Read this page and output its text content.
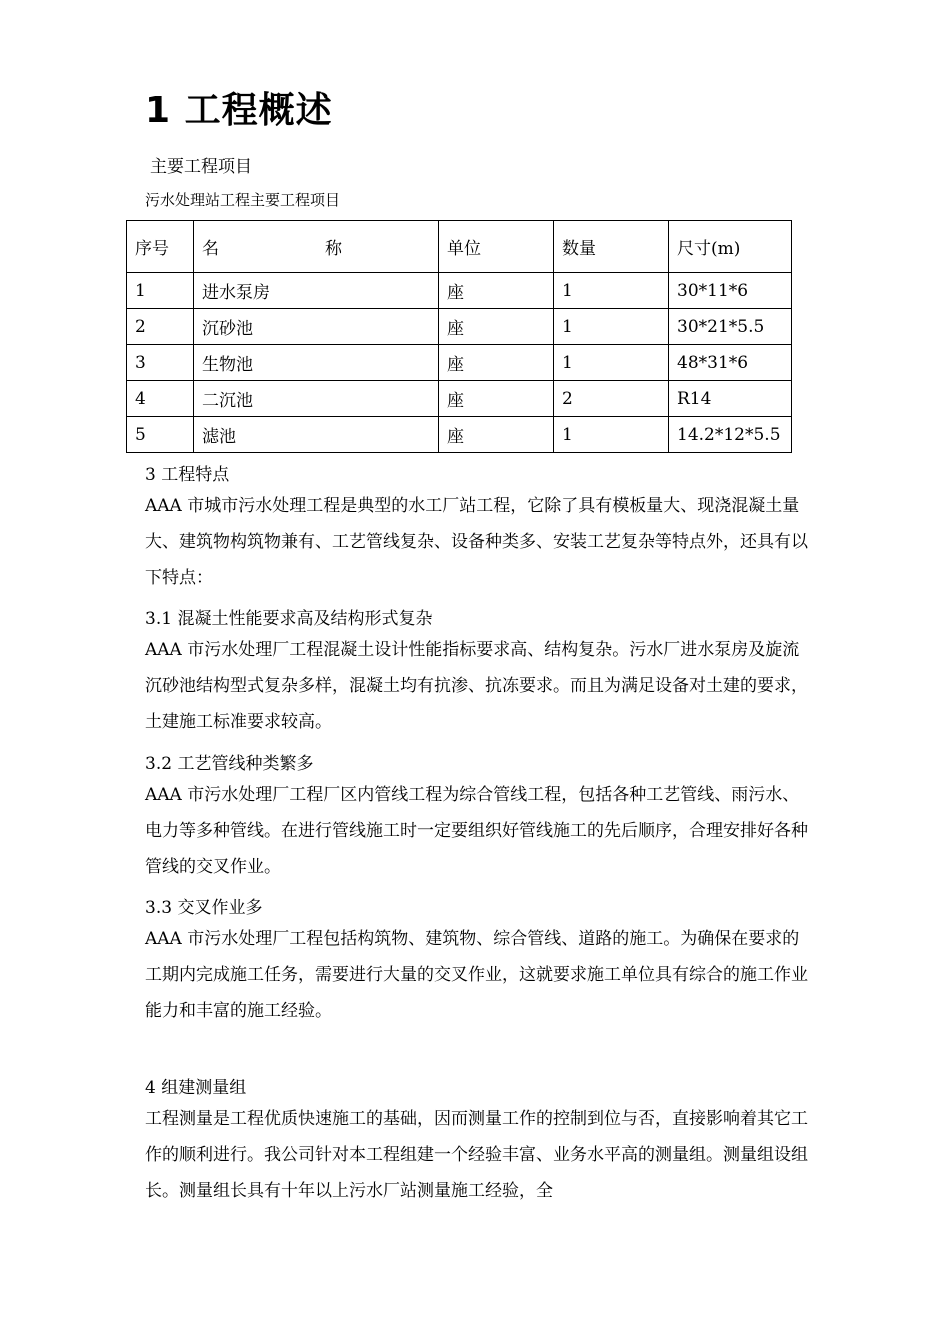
1 工程概述
主要工程项目
污水处理站工程主要工程项目
序号	名 称	单位	数量	尺寸(m)
1	进水泵房	座	1	30*11*6
2	沉砂池	座	1	30*21*5.5
3	生物池	座	1	48*31*6
4	二沉池	座	2	R14
5	滤池	座	1	14.2*12*5.5
3 工程特点
AAA 市城市污水处理工程是典型的水工厂站工程，它除了具有模板量大、现浇混凝土量大、建筑物构筑物兼有、工艺管线复杂、设备种类多、安装工艺复杂等特点外，还具有以下特点：
3.1 混凝土性能要求高及结构形式复杂
AAA 市污水处理厂工程混凝土设计性能指标要求高、结构复杂。污水厂进水泵房及旋流沉砂池结构型式复杂多样，混凝土均有抗渗、抗冻要求。而且为满足设备对土建的要求，土建施工标准要求较高。
3.2 工艺管线种类繁多
AAA 市污水处理厂工程厂区内管线工程为综合管线工程，包括各种工艺管线、雨污水、电力等多种管线。在进行管线施工时一定要组织好管线施工的先后顺序，合理安排好各种管线的交叉作业。
3.3 交叉作业多
AAA 市污水处理厂工程包括构筑物、建筑物、综合管线、道路的施工。为确保在要求的工期内完成施工任务，需要进行大量的交叉作业，这就要求施工单位具有综合的施工作业能力和丰富的施工经验。
4 组建测量组
工程测量是工程优质快速施工的基础，因而测量工作的控制到位与否，直接影响着其它工作的顺利进行。我公司针对本工程组建一个经验丰富、业务水平高的测量组。测量组设组长。测量组长具有十年以上污水厂站测量施工经验，全
